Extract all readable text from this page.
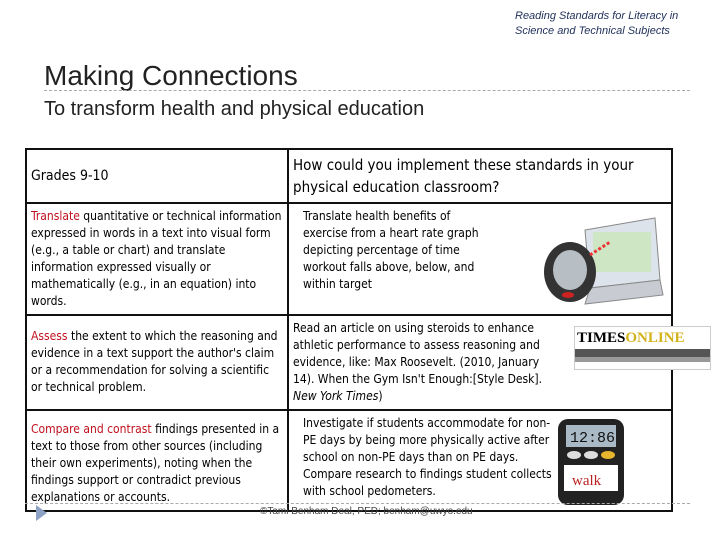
Reading Standards for Literacy in Science and Technical Subjects
Making Connections
To transform health and physical education
Grades 9-10	How could you implement these standards in your physical education classroom?
Translate quantitative or technical information expressed in words in a text into visual form (e.g., a table or chart) and translate information expressed visually or mathematically (e.g., in an equation) into words.	Translate health benefits of exercise from a heart rate graph depicting percentage of time workout falls above, below, and within target

Assess the extent to which the reasoning and evidence in a text support the author's claim or a recommendation for solving a scientific or technical problem.	Read an article on using steroids to enhance athletic performance to assess reasoning and evidence, like: Max Roosevelt. (2010, January 14). When the Gym Isn't Enough:[Style Desk]. New York Times)
TIMESONLINE

Compare and contrast findings presented in a text to those from other sources (including their own experiments), noting when the findings support or contradict previous explanations or accounts.	Investigate if students accommodate for non-PE days by being more physically active after school on non-PE days than on PE days. Compare research to findings student collects with school pedometers.
12:86
walk
©Tami Benham Deal, PED; benham@uwyo.edu
